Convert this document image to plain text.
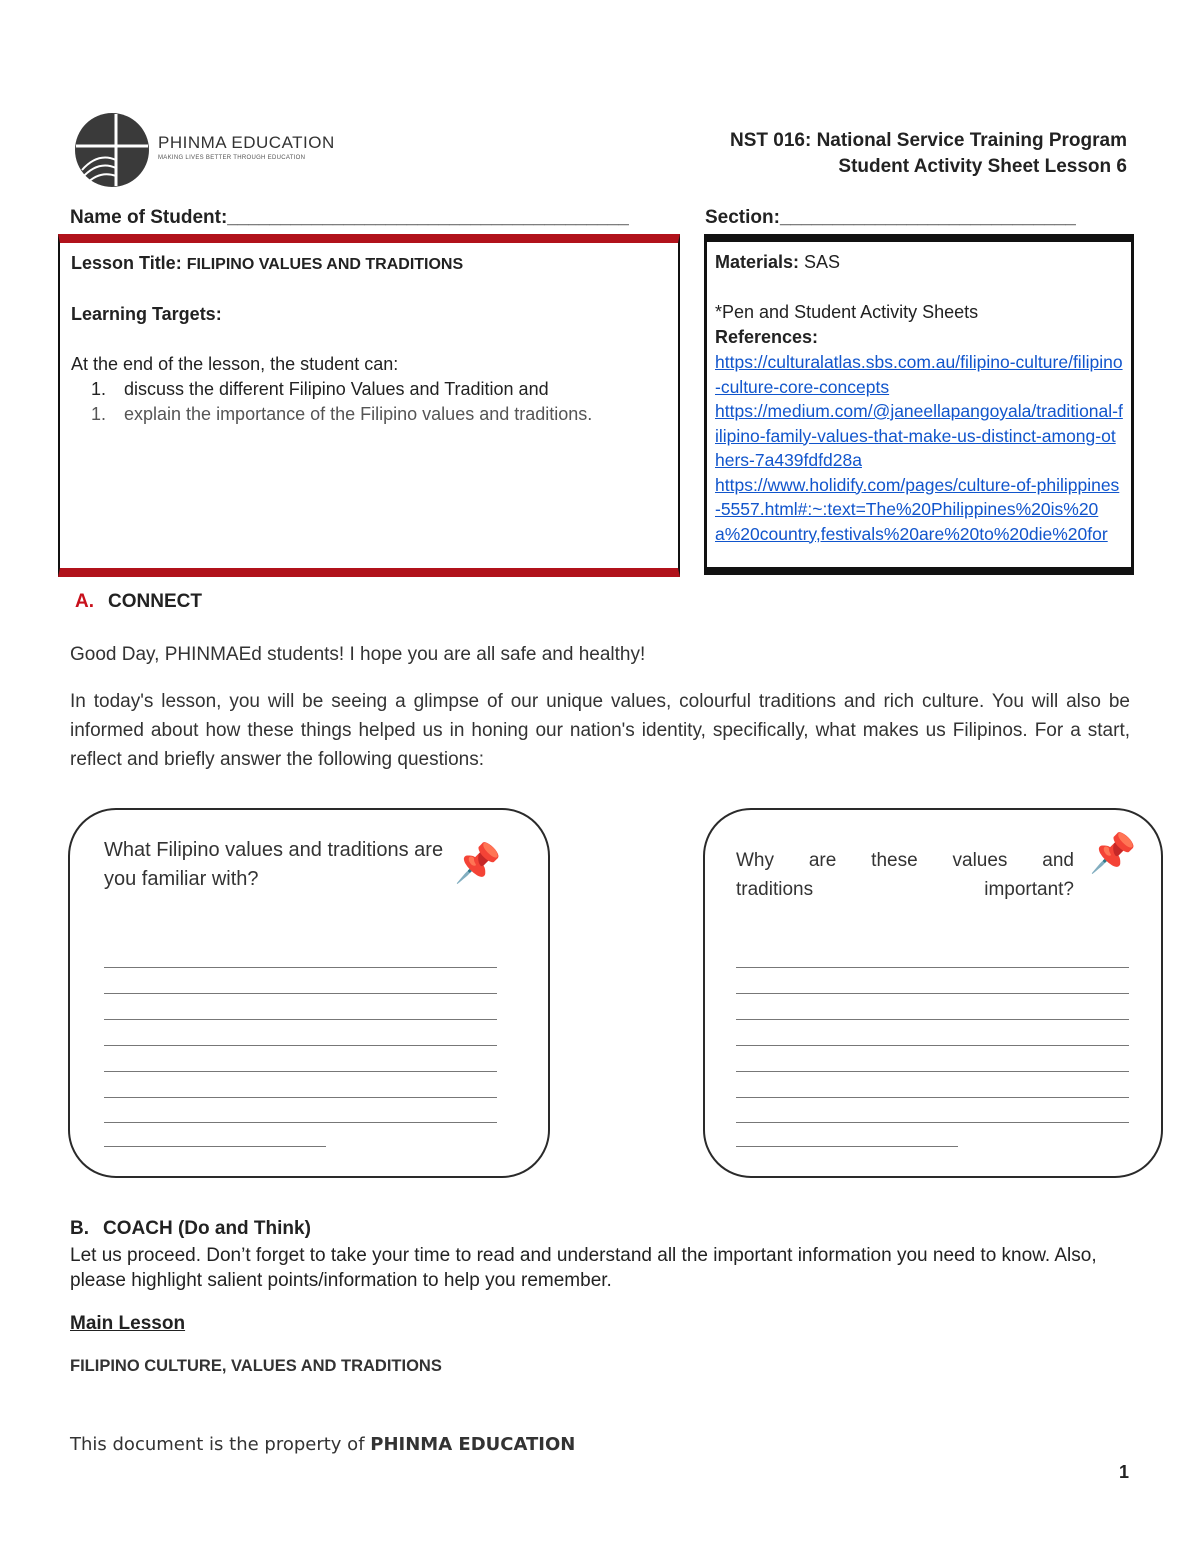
PHINMA EDUCATION
MAKING LIVES BETTER THROUGH EDUCATION
NST 016: National Service Training Program
Student Activity Sheet Lesson 6
Name of Student:______________________________________	Section:____________________________
Lesson Title: FILIPINO VALUES AND TRADITIONS
Learning Targets:
At the end of the lesson, the student can:
1.	discuss the different Filipino Values and Tradition and
1.	explain the importance of the Filipino values and traditions.
Materials: SAS
*Pen and Student Activity Sheets
References:
https://culturalatlas.sbs.com.au/filipino-culture/filipino-culture-core-concepts
https://medium.com/@janeellapangoyala/traditional-filipino-family-values-that-make-us-distinct-among-others-7a439fdfd28a
https://www.holidify.com/pages/culture-of-philippines-5557.html#:~:text=The%20Philippines%20is%20a%20country,festivals%20are%20to%20die%20for
A. CONNECT
Good Day, PHINMAEd students! I hope you are all safe and healthy!
In today's lesson, you will be seeing a glimpse of our unique values, colourful traditions and rich culture. You will also be informed about how these things helped us in honing our nation's identity, specifically, what makes us Filipinos. For a start, reflect and briefly answer the following questions:
What Filipino values and traditions are you familiar with?	📌	Why are these values and traditions important?
📌
B. COACH (Do and Think)
Let us proceed. Don’t forget to take your time to read and understand all the important information you need to know. Also, please highlight salient points/information to help you remember.
Main Lesson
FILIPINO CULTURE, VALUES AND TRADITIONS
This document is the property of PHINMA EDUCATION
1
